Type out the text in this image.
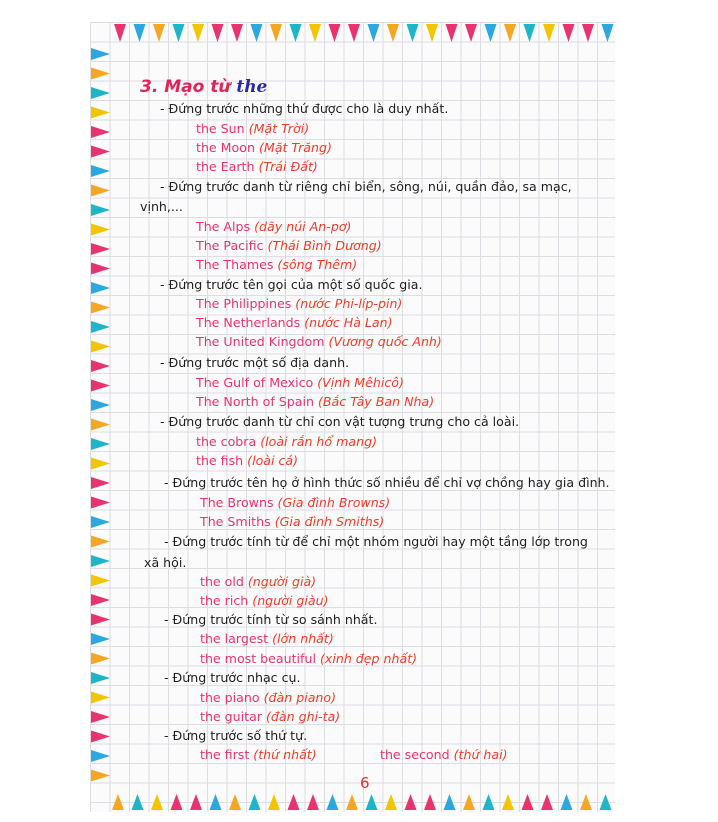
3. Mạo từ the
- Đứng trước những thứ được cho là duy nhất.
the Sun (Mặt Trời)
the Moon (Mặt Trăng)
the Earth (Trái Đất)
- Đứng trước danh từ riêng chỉ biển, sông, núi, quần đảo, sa mạc,
vịnh,...
The Alps (dãy núi An-pơ)
The Pacific (Thái Bình Dương)
The Thames (sông Thêm)
- Đứng trước tên gọi của một số quốc gia.
The Philippines (nước Phi-líp-pin)
The Netherlands (nước Hà Lan)
The United Kingdom (Vương quốc Anh)
- Đứng trước một số địa danh.
The Gulf of Mexico (Vịnh Mêhicô)
The North of Spain (Bắc Tây Ban Nha)
- Đứng trước danh từ chỉ con vật tượng trưng cho cả loài.
the cobra (loài rắn hổ mang)
the fish (loài cá)
- Đứng trước tên họ ở hình thức số nhiều để chỉ vợ chồng hay gia đình.
The Browns (Gia đình Browns)
The Smiths (Gia đình Smiths)
- Đứng trước tính từ để chỉ một nhóm người hay một tầng lớp trong
xã hội.
the old (người già)
the rich (người giàu)
- Đứng trước tính từ so sánh nhất.
the largest (lớn nhất)
the most beautiful (xinh đẹp nhất)
- Đứng trước nhạc cụ.
the piano (đàn piano)
the guitar (đàn ghi-ta)
- Đứng trước số thứ tự.
the first (thứ nhất)	the second (thứ hai)
6
